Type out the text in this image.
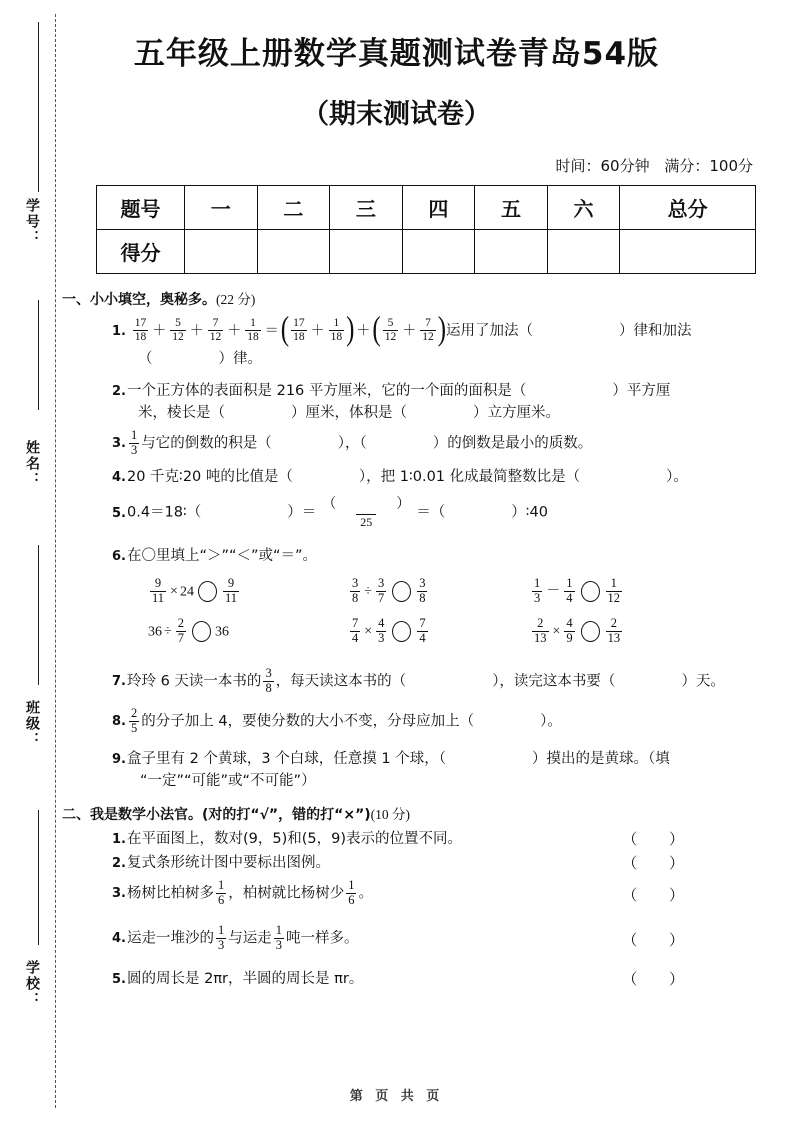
学号：
姓名：
班级：
学校：
五年级上册数学真题测试卷青岛54版
（期末测试卷）
时间：60分钟 满分：100分
题号	一	二	三	四	五	六	总分
得分							
一、小小填空，奥秘多。(22 分)
1. $\frac{17}{18} + \frac{5}{12} + \frac{7}{12} + \frac{1}{18}$ ＝( $\frac{17}{18} + \frac{1}{18}$ ) ＋( $\frac{5}{12} + \frac{7}{12}$ )运用了加法（	）律和加法
（	）律。
2.一个正方体的表面积是 216 平方厘米，它的一个面的面积是（	）平方厘
米，棱长是（	）厘米，体积是（	）立方厘米。
3. $\frac{1}{3}$ 与它的倒数的积是（	），（	）的倒数是最小的质数。
4.20 千克∶20 吨的比值是（	），把 1∶0.01 化成最简整数比是（	）。
5.0.4＝18∶（	）＝
（	）
25
＝（	）∶40
6.在〇里填上“＞”“＜”或“＝”。
$\frac{9}{11} \times 24 \frac{9}{11}$	$\frac{3}{8} \div \frac{3}{7} \frac{3}{8}$	$\frac{1}{3} - \frac{1}{4} \frac{1}{12}$
$36 \div \frac{2}{7} 36$	$\frac{7}{4} \times \frac{4}{3} \frac{7}{4}$	$\frac{2}{13} \times \frac{4}{9} \frac{2}{13}$
7.玲玲 6 天读一本书的 $\frac{3}{8}$ ，每天读这本书的（	），读完这本书要（	）天。
8. $\frac{2}{5}$ 的分子加上 4，要使分数的大小不变，分母应加上（	）。
9.盒子里有 2 个黄球，3 个白球，任意摸 1 个球，（	）摸出的是黄球。（填
“一定”“可能”或“不可能”）
二、我是数学小法官。(对的打“√”，错的打“×”)(10 分)
1.在平面图上，数对(9，5)和(5，9)表示的位置不同。	（ ）
2.复式条形统计图中要标出图例。	（ ）
3.杨树比柏树多 $\frac{1}{6}$ ，柏树就比杨树少 $\frac{1}{6}$ 。	（ ）
4.运走一堆沙的 $\frac{1}{3}$ 与运走 $\frac{1}{3}$ 吨一样多。	（ ）
5.圆的周长是 2πr，半圆的周长是 πr。	（ ）
第 页 共 页
